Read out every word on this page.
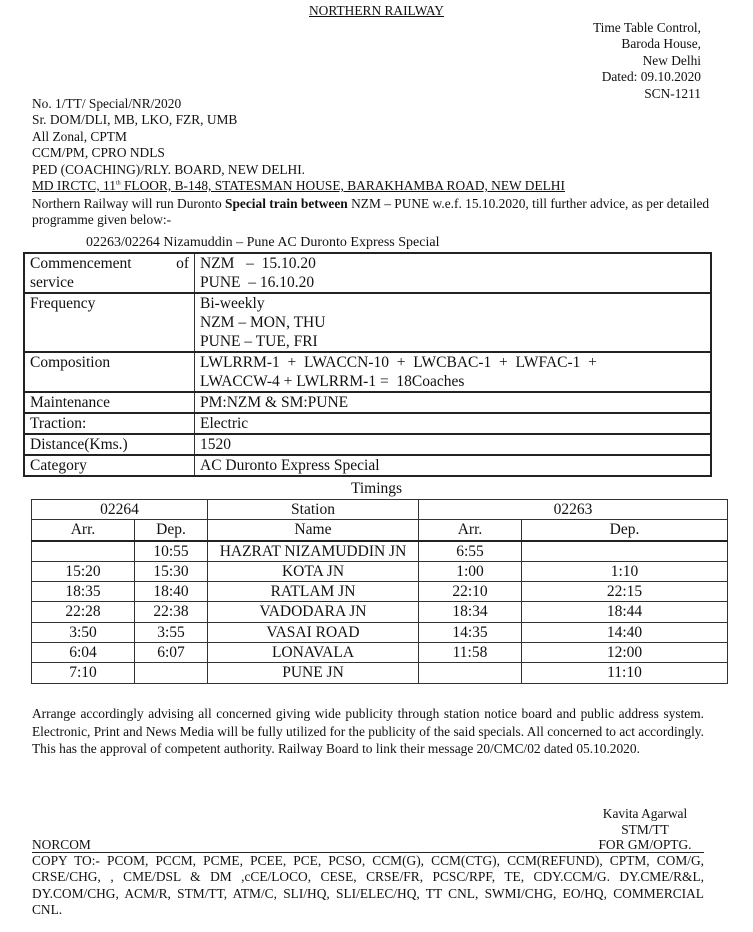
NORTHERN RAILWAY
Time Table Control,
Baroda House,
New Delhi
Dated: 09.10.2020
SCN-1211
No. 1/TT/ Special/NR/2020
Sr. DOM/DLI, MB, LKO, FZR, UMB
All Zonal, CPTM
CCM/PM, CPRO NDLS
PED (COACHING)/RLY. BOARD, NEW DELHI.
MD IRCTC, 11th FLOOR, B-148, STATESMAN HOUSE, BARAKHAMBA ROAD, NEW DELHI
Northern Railway will run Duronto Special train between NZM – PUNE w.e.f. 15.10.2020, till further advice, as per detailed programme given below:-
02263/02264 Nizamuddin – Pune AC Duronto Express Special
Commencement of service	NZM   –  15.10.20
PUNE  – 16.10.20

Frequency	Bi-weekly
NZM – MON, THU
PUNE – TUE, FRI

Composition	LWLRRM-1  +  LWACCN-10  +  LWCBAC-1  +  LWFAC-1  +
LWACCW-4 + LWLRRM-1 =  18Coaches

Maintenance	PM:NZM & SM:PUNE
Traction:	Electric
Distance(Kms.)	1520
Category	AC Duronto Express Special
Timings
02264		Station	02263	
Arr.	Dep.	Name	Arr.	Dep.
	10:55	HAZRAT NIZAMUDDIN JN	6:55	
15:20	15:30	KOTA JN	1:00	1:10
18:35	18:40	RATLAM JN	22:10	22:15
22:28	22:38	VADODARA JN	18:34	18:44
3:50	3:55	VASAI ROAD	14:35	14:40
6:04	6:07	LONAVALA	11:58	12:00
7:10		PUNE JN		11:10
Arrange accordingly advising all concerned giving wide publicity through station notice board and public address system. Electronic, Print and News Media will be fully utilized for the publicity of the said specials. All concerned to act accordingly. This has the approval of competent authority. Railway Board to link their message 20/CMC/02 dated 05.10.2020.
Kavita Agarwal
STM/TT
FOR GM/OPTG.
NORCOM
COPY TO:- PCOM, PCCM, PCME, PCEE, PCE, PCSO, CCM(G), CCM(CTG), CCM(REFUND), CPTM, COM/G, CRSE/CHG, , CME/DSL & DM ,cCE/LOCO, CESE, CRSE/FR, PCSC/RPF, TE, CDY.CCM/G. DY.CME/R&L, DY.COM/CHG, ACM/R, STM/TT, ATM/C, SLI/HQ, SLI/ELEC/HQ, TT CNL, SWMI/CHG, EO/HQ, COMMERCIAL CNL.
